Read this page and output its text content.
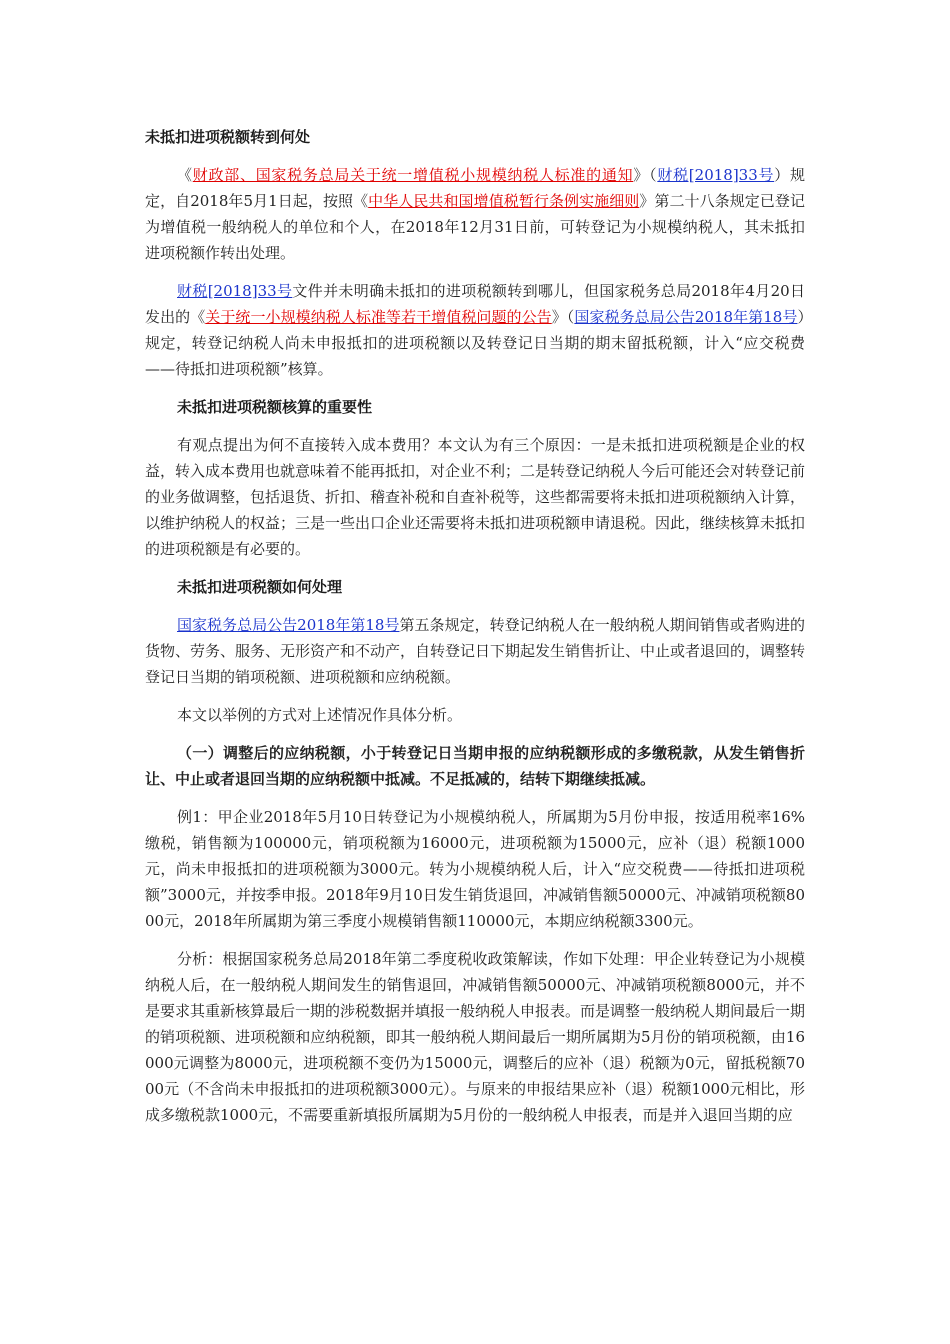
未抵扣进项税额转到何处

《财政部、国家税务总局关于统一增值税小规模纳税人标准的通知》（财税[2018]33号）规定，自2018年5月1日起，按照《中华人民共和国增值税暂行条例实施细则》第二十八条规定已登记为增值税一般纳税人的单位和个人，在2018年12月31日前，可转登记为小规模纳税人，其未抵扣进项税额作转出处理。

财税[2018]33号文件并未明确未抵扣的进项税额转到哪儿，但国家税务总局2018年4月20日发出的《关于统一小规模纳税人标准等若干增值税问题的公告》（国家税务总局公告2018年第18号）规定，转登记纳税人尚未申报抵扣的进项税额以及转登记日当期的期末留抵税额，计入“应交税费——待抵扣进项税额”核算。

未抵扣进项税额核算的重要性

有观点提出为何不直接转入成本费用？本文认为有三个原因：一是未抵扣进项税额是企业的权益，转入成本费用也就意味着不能再抵扣，对企业不利；二是转登记纳税人今后可能还会对转登记前的业务做调整，包括退货、折扣、稽查补税和自查补税等，这些都需要将未抵扣进项税额纳入计算，以维护纳税人的权益；三是一些出口企业还需要将未抵扣进项税额申请退税。因此，继续核算未抵扣的进项税额是有必要的。

未抵扣进项税额如何处理

国家税务总局公告2018年第18号第五条规定，转登记纳税人在一般纳税人期间销售或者购进的货物、劳务、服务、无形资产和不动产，自转登记日下期起发生销售折让、中止或者退回的，调整转登记日当期的销项税额、进项税额和应纳税额。

本文以举例的方式对上述情况作具体分析。

（一）调整后的应纳税额，小于转登记日当期申报的应纳税额形成的多缴税款，从发生销售折让、中止或者退回当期的应纳税额中抵减。不足抵减的，结转下期继续抵减。

例1：甲企业2018年5月10日转登记为小规模纳税人，所属期为5月份申报，按适用税率16%缴税，销售额为100000元，销项税额为16000元，进项税额为15000元，应补（退）税额1000元，尚未申报抵扣的进项税额为3000元。转为小规模纳税人后，计入“应交税费——待抵扣进项税额”3000元，并按季申报。2018年9月10日发生销货退回，冲减销售额50000元、冲减销项税额8000元，2018年所属期为第三季度小规模销售额110000元，本期应纳税额3300元。

分析：根据国家税务总局2018年第二季度税收政策解读，作如下处理：甲企业转登记为小规模纳税人后，在一般纳税人期间发生的销售退回，冲减销售额50000元、冲减销项税额8000元，并不是要求其重新核算最后一期的涉税数据并填报一般纳税人申报表。而是调整一般纳税人期间最后一期的销项税额、进项税额和应纳税额，即其一般纳税人期间最后一期所属期为5月份的销项税额，由16000元调整为8000元，进项税额不变仍为15000元，调整后的应补（退）税额为0元，留抵税额7000元（不含尚未申报抵扣的进项税额3000元）。与原来的申报结果应补（退）税额1000元相比，形成多缴税款1000元，不需要重新填报所属期为5月份的一般纳税人申报表，而是并入退回当期的应
